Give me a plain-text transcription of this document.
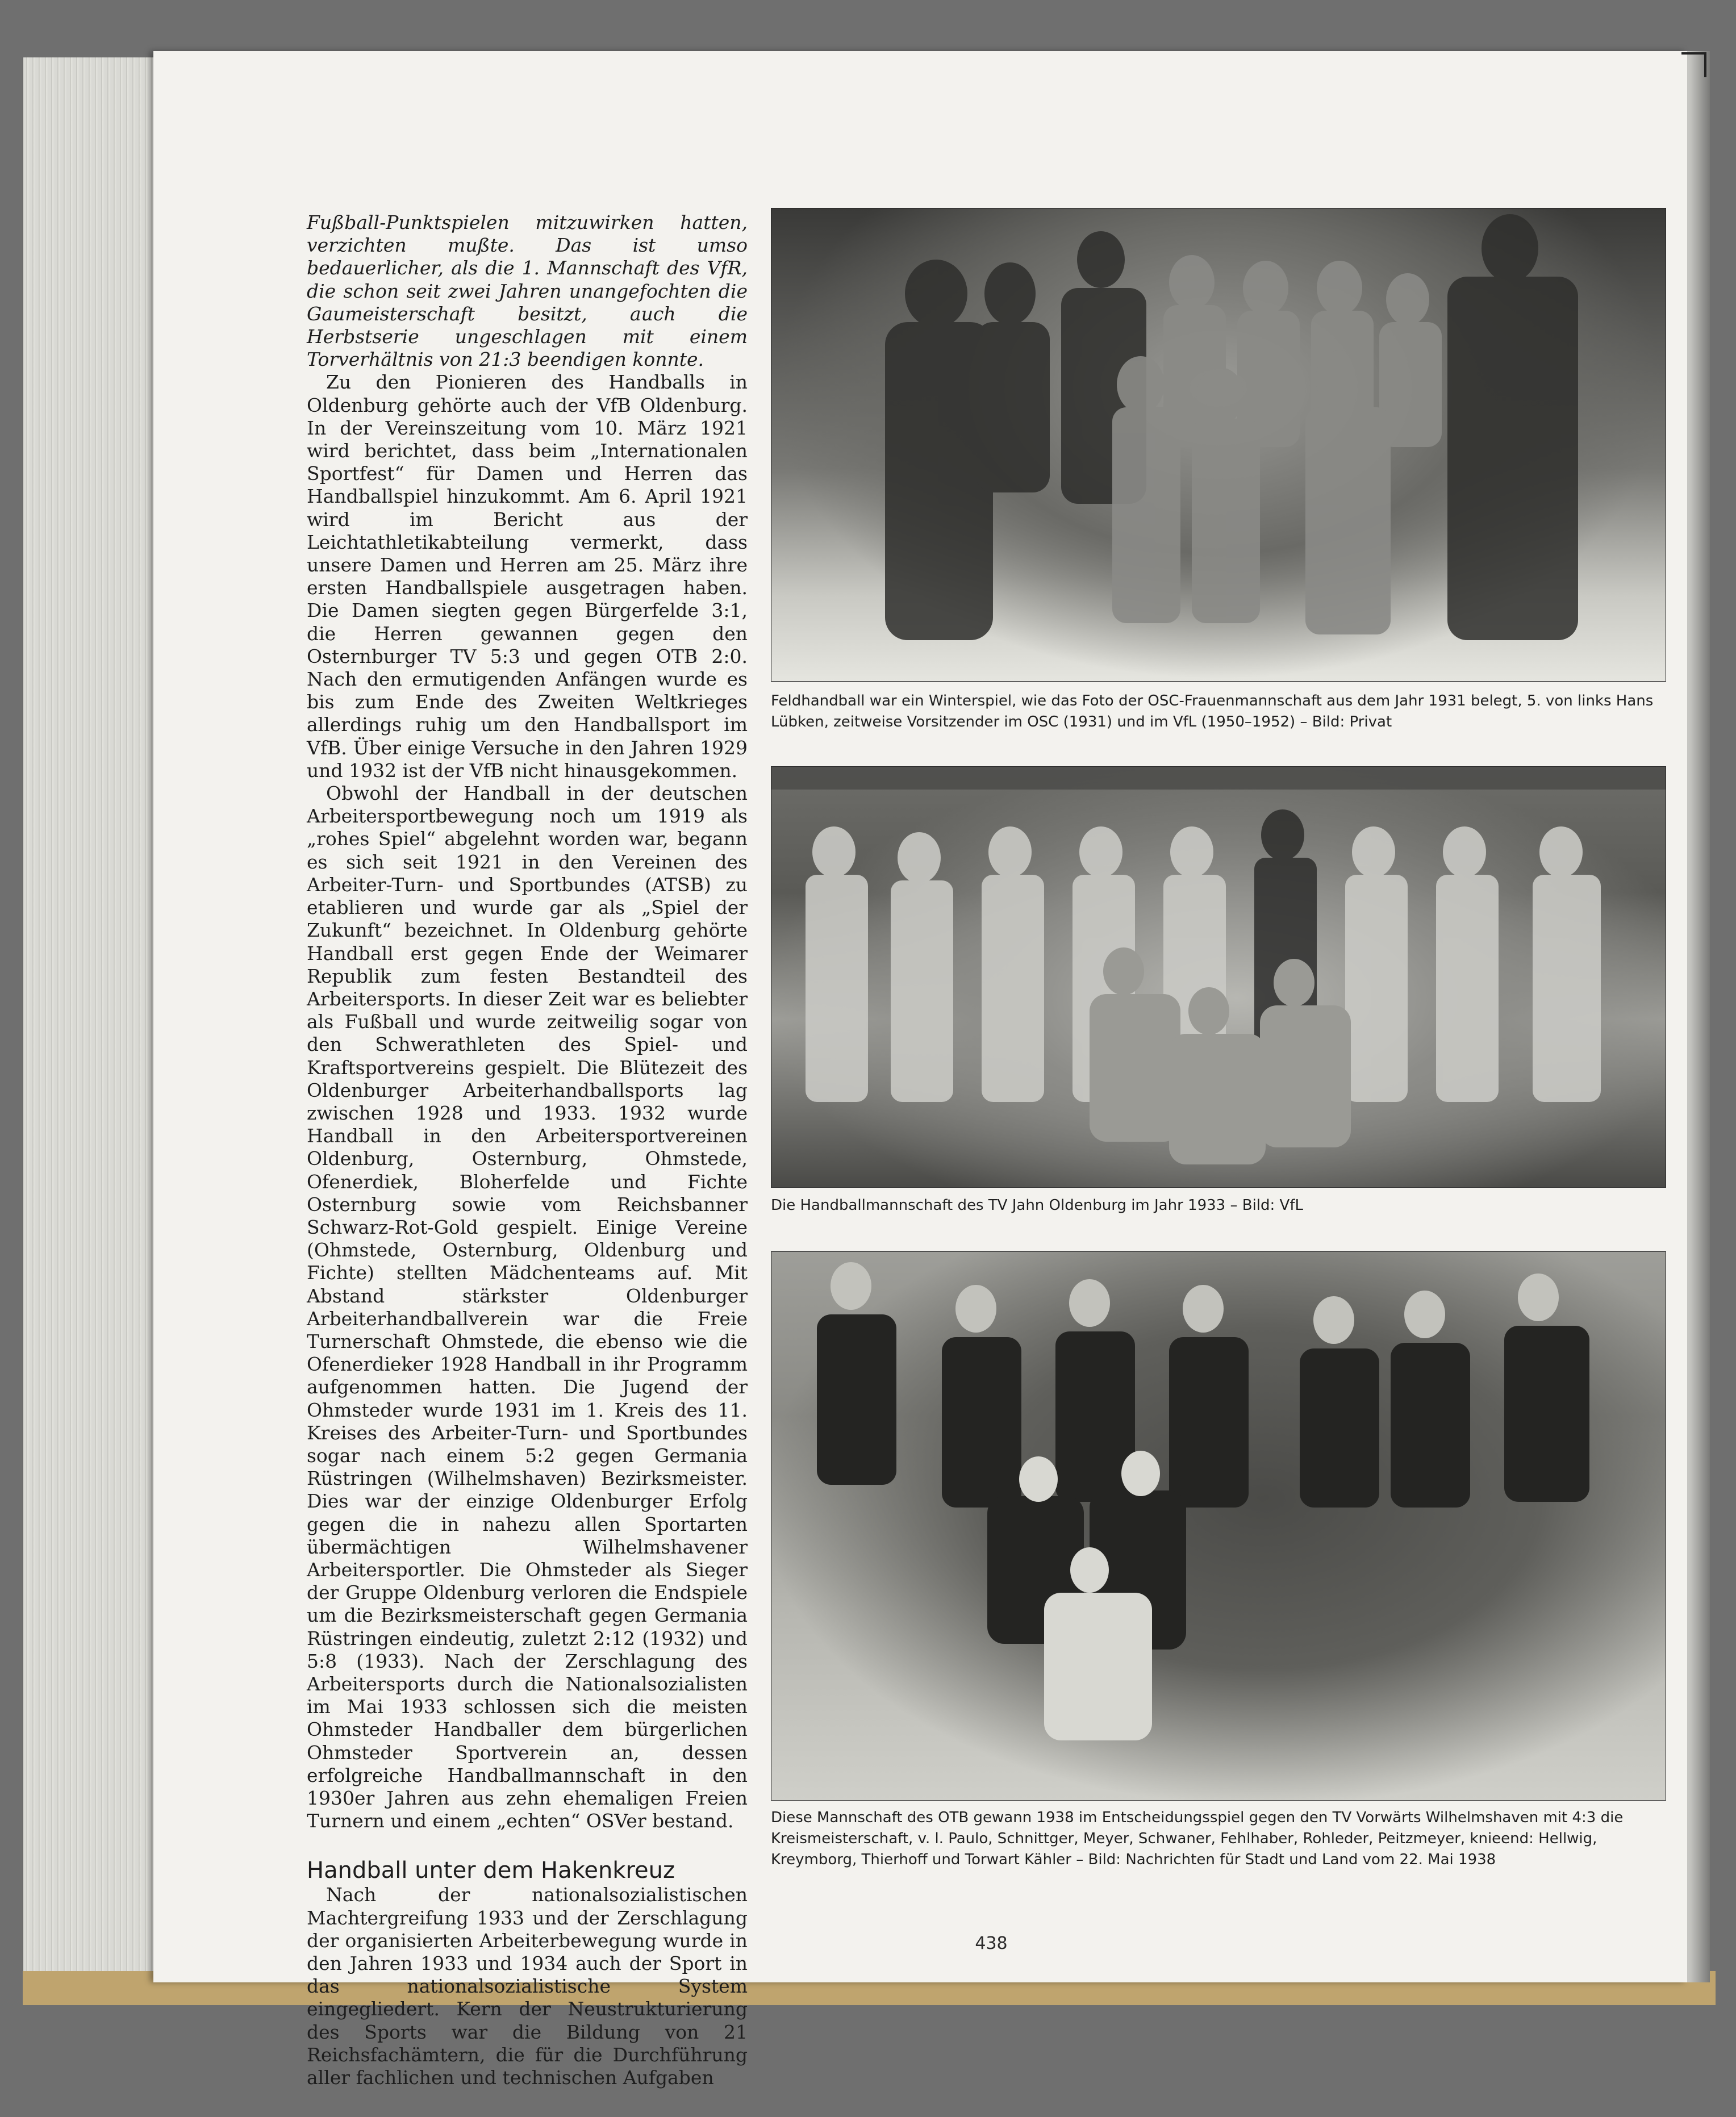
Fußball-Punktspielen mitzuwirken hatten, verzichten mußte. Das ist umso bedauerlicher, als die 1. Mannschaft des VfR, die schon seit zwei Jahren unangefochten die Gaumeisterschaft besitzt, auch die Herbstserie ungeschlagen mit einem Torverhältnis von 21:3 beendigen konnte.

Zu den Pionieren des Handballs in Oldenburg gehörte auch der VfB Oldenburg. In der Vereinszeitung vom 10. März 1921 wird berichtet, dass beim „Internationalen Sportfest“ für Damen und Herren das Handballspiel hinzukommt. Am 6. April 1921 wird im Bericht aus der Leichtathletikabteilung vermerkt, dass unsere Damen und Herren am 25. März ihre ersten Handballspiele ausgetragen haben. Die Damen siegten gegen Bürgerfelde 3:1, die Herren gewannen gegen den Osternburger TV 5:3 und gegen OTB 2:0. Nach den ermutigenden Anfängen wurde es bis zum Ende des Zweiten Weltkrieges allerdings ruhig um den Handballsport im VfB. Über einige Versuche in den Jahren 1929 und 1932 ist der VfB nicht hinausgekommen.

Obwohl der Handball in der deutschen Arbeitersportbewegung noch um 1919 als „rohes Spiel“ abgelehnt worden war, begann es sich seit 1921 in den Vereinen des Arbeiter-Turn- und Sportbundes (ATSB) zu etablieren und wurde gar als „Spiel der Zukunft“ bezeichnet. In Oldenburg gehörte Handball erst gegen Ende der Weimarer Republik zum festen Bestandteil des Arbeitersports. In dieser Zeit war es beliebter als Fußball und wurde zeitweilig sogar von den Schwerathleten des Spiel- und Kraftsportvereins gespielt. Die Blütezeit des Oldenburger Arbeiterhandballsports lag zwischen 1928 und 1933. 1932 wurde Handball in den Arbeitersportvereinen Oldenburg, Osternburg, Ohmstede, Ofenerdiek, Bloherfelde und Fichte Osternburg sowie vom Reichsbanner Schwarz-Rot-Gold gespielt. Einige Vereine (Ohmstede, Osternburg, Oldenburg und Fichte) stellten Mädchenteams auf. Mit Abstand stärkster Oldenburger Arbeiterhandballverein war die Freie Turnerschaft Ohmstede, die ebenso wie die Ofenerdieker 1928 Handball in ihr Programm aufgenommen hatten. Die Jugend der Ohmsteder wurde 1931 im 1. Kreis des 11. Kreises des Arbeiter-Turn- und Sportbundes sogar nach einem 5:2 gegen Germania Rüstringen (Wilhelmshaven) Bezirksmeister. Dies war der einzige Oldenburger Erfolg gegen die in nahezu allen Sportarten übermächtigen Wilhelmshavener Arbeitersportler. Die Ohmsteder als Sieger der Gruppe Oldenburg verloren die Endspiele um die Bezirksmeisterschaft gegen Germania Rüstringen eindeutig, zuletzt 2:12 (1932) und 5:8 (1933). Nach der Zerschlagung des Arbeitersports durch die Nationalsozialisten im Mai 1933 schlossen sich die meisten Ohmsteder Handballer dem bürgerlichen Ohmsteder Sportverein an, dessen erfolgreiche Handballmannschaft in den 1930er Jahren aus zehn ehemaligen Freien Turnern und einem „echten“ OSVer bestand.

Handball unter dem Hakenkreuz

Nach der nationalsozialistischen Machtergreifung 1933 und der Zerschlagung der organisierten Arbeiterbewegung wurde in den Jahren 1933 und 1934 auch der Sport in das nationalsozialistische System eingegliedert. Kern der Neustrukturierung des Sports war die Bildung von 21 Reichsfachämtern, die für die Durchführung aller fachlichen und technischen Aufgaben

Feldhandball war ein Winterspiel, wie das Foto der OSC-Frauenmannschaft aus dem Jahr 1931 belegt, 5. von links Hans Lübken, zeitweise Vorsitzender im OSC (1931) und im VfL (1950–1952) – Bild: Privat
Die Handballmannschaft des TV Jahn Oldenburg im Jahr 1933 – Bild: VfL
Diese Mannschaft des OTB gewann 1938 im Entscheidungsspiel gegen den TV Vorwärts Wilhelmshaven mit 4:3 die Kreismeisterschaft, v. l. Paulo, Schnittger, Meyer, Schwaner, Fehlhaber, Rohleder, Peitzmeyer, knieend: Hellwig, Kreymborg, Thierhoff und Torwart Kähler – Bild: Nachrichten für Stadt und Land vom 22. Mai 1938
438
